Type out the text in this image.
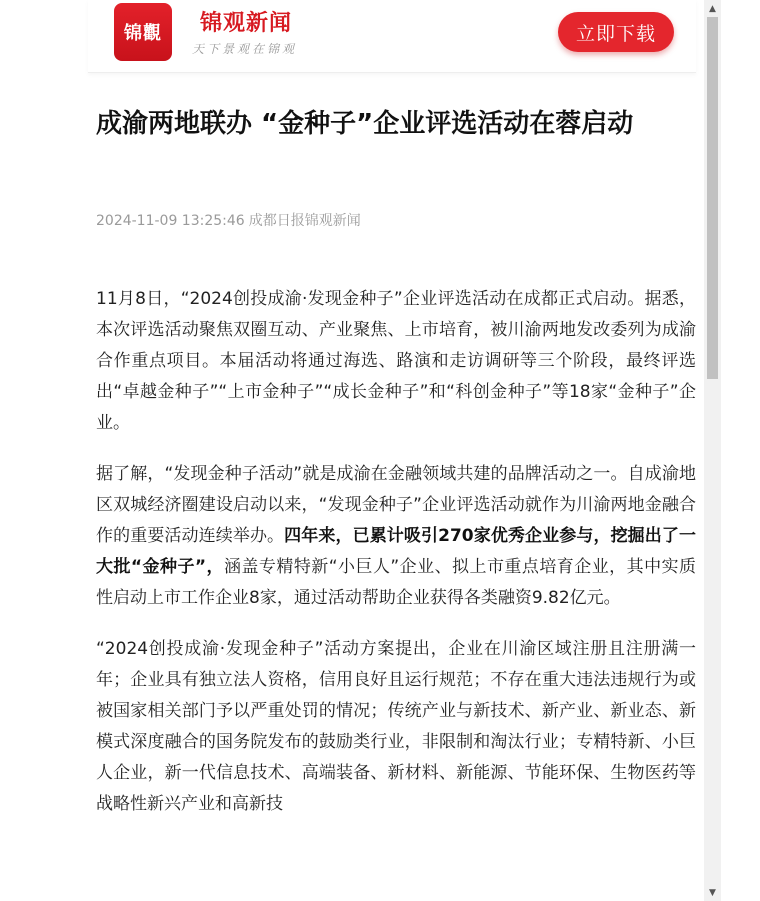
锦觀	锦观新闻
天下景观在锦观
立即下载
成渝两地联办 “金种子”企业评选活动在蓉启动
2024-11-09 13:25:46 成都日报锦观新闻

11月8日，“2024创投成渝·发现金种子”企业评选活动在成都正式启动。据悉，本次评选活动聚焦双圈互动、产业聚焦、上市培育，被川渝两地发改委列为成渝合作重点项目。本届活动将通过海选、路演和走访调研等三个阶段，最终评选出“卓越金种子”“上市金种子”“成长金种子”和“科创金种子”等18家“金种子”企业。

据了解，“发现金种子活动”就是成渝在金融领域共建的品牌活动之一。自成渝地区双城经济圈建设启动以来，“发现金种子”企业评选活动就作为川渝两地金融合作的重要活动连续举办。四年来，已累计吸引270家优秀企业参与，挖掘出了一大批“金种子”，涵盖专精特新“小巨人”企业、拟上市重点培育企业，其中实质性启动上市工作企业8家，通过活动帮助企业获得各类融资9.82亿元。

“2024创投成渝·发现金种子”活动方案提出，企业在川渝区域注册且注册满一年；企业具有独立法人资格，信用良好且运行规范；不存在重大违法违规行为或被国家相关部门予以严重处罚的情况；传统产业与新技术、新产业、新业态、新模式深度融合的国务院发布的鼓励类行业，非限制和淘汰行业；专精特新、小巨人企业，新一代信息技术、高端装备、新材料、新能源、节能环保、生物医药等战略性新兴产业和高新技

▲
▼
